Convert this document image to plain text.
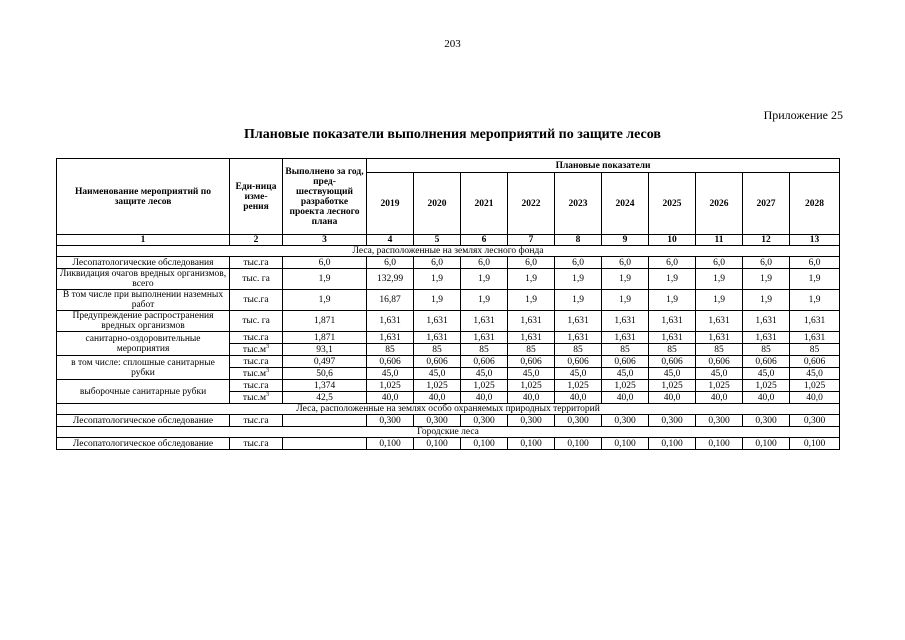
203
Приложение 25
Плановые показатели выполнения мероприятий по защите лесов
Наименование мероприятий по защите лесов	Еди-ница изме-рения	Выполнено за год, пред-шествующий разработке проекта лесного плана	Плановые показатели									
			2019	2020	2021	2022	2023	2024	2025	2026	2027	2028
1	2	3	4	5	6	7	8	9	10	11	12	13
Леса, расположенные на землях лесного фонда												
Лесопатологические обследования	тыс.га	6,0	6,0	6,0	6,0	6,0	6,0	6,0	6,0	6,0	6,0	6,0
Ликвидация очагов вредных организмов, всего	тыс. га	1,9	132,99	1,9	1,9	1,9	1,9	1,9	1,9	1,9	1,9	1,9
В том числе при выполнении наземных работ	тыс.га	1,9	16,87	1,9	1,9	1,9	1,9	1,9	1,9	1,9	1,9	1,9
Предупреждение распространения вредных организмов	тыс. га	1,871	1,631	1,631	1,631	1,631	1,631	1,631	1,631	1,631	1,631	1,631
санитарно-оздоровительные мероприятия	тыс.га	1,871	1,631	1,631	1,631	1,631	1,631	1,631	1,631	1,631	1,631	1,631
	$тыс.м^3$	93,1	85	85	85	85	85	85	85	85	85	85
в том числе: сплошные санитарные рубки	тыс.га	0,497	0,606	0,606	0,606	0,606	0,606	0,606	0,606	0,606	0,606	0,606
	$тыс.м^3$	50,6	45,0	45,0	45,0	45,0	45,0	45,0	45,0	45,0	45,0	45,0
выборочные санитарные рубки	тыс.га	1,374	1,025	1,025	1,025	1,025	1,025	1,025	1,025	1,025	1,025	1,025
	$тыс.м^3$	42,5	40,0	40,0	40,0	40,0	40,0	40,0	40,0	40,0	40,0	40,0
Леса, расположенные на землях особо охраняемых природных территорий												
Лесопатологическое обследование	тыс.га		0,300	0,300	0,300	0,300	0,300	0,300	0,300	0,300	0,300	0,300
Городские леса												
Лесопатологическое обследование	тыс.га		0,100	0,100	0,100	0,100	0,100	0,100	0,100	0,100	0,100	0,100
